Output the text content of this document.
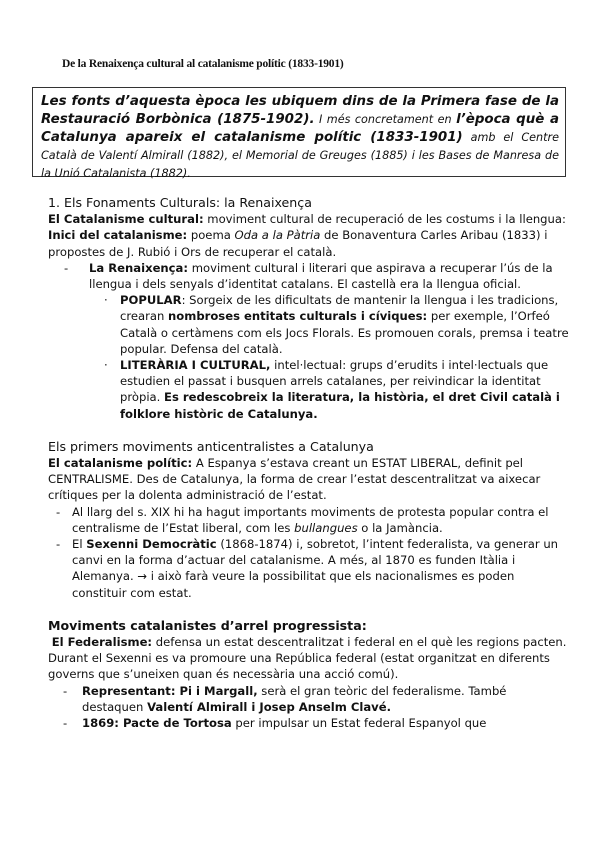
De la Renaixença cultural al catalanisme polític (1833-1901)
Les fonts d’aquesta època les ubiquem dins de la Primera fase de la Restauració Borbònica (1875-1902). I més concretament en l’època què a Catalunya apareix el catalanisme polític (1833-1901) amb el Centre Català de Valentí Almirall (1882), el Memorial de Greuges (1885) i les Bases de Manresa de la Unió Catalanista (1882).

1. Els Fonaments Culturals: la Renaixença

El Catalanisme cultural: moviment cultural de recuperació de les costums i la llengua:

Inici del catalanisme: poema Oda a la Pàtria de Bonaventura Carles Aribau (1833) i propostes de J. Rubió i Ors de recuperar el català.

- La Renaixença: moviment cultural i literari que aspirava a recuperar l’ús de la llengua i dels senyals d’identitat catalans. El castellà era la llengua oficial.
· POPULAR: Sorgeix de les dificultats de mantenir la llengua i les tradicions, crearan nombroses entitats culturals i cíviques: per exemple, l’Orfeó Català o certàmens com els Jocs Florals. Es promouen corals, premsa i teatre popular. Defensa del català.
· LITERÀRIA I CULTURAL, intel·lectual: grups d’erudits i intel·lectuals que estudien el passat i busquen arrels catalanes, per reivindicar la identitat pròpia. Es redescobreix la literatura, la història, el dret Civil català i folklore històric de Catalunya.

Els primers moviments anticentralistes a Catalunya

El catalanisme polític: A Espanya s’estava creant un ESTAT LIBERAL, definit pel CENTRALISME. Des de Catalunya, la forma de crear l’estat descentralitzat va aixecar crítiques per la dolenta administració de l’estat.

- Al llarg del s. XIX hi ha hagut importants moviments de protesta popular contra el centralisme de l’Estat liberal, com les bullangues o la Jamància.
- El Sexenni Democràtic (1868-1874) i, sobretot, l’intent federalista, va generar un canvi en la forma d’actuar del catalanisme. A més, al 1870 es funden Itàlia i Alemanya. → i això farà veure la possibilitat que els nacionalismes es poden constituir com estat.

Moviments catalanistes d’arrel progressista:

El Federalisme: defensa un estat descentralitzat i federal en el què les regions pacten. Durant el Sexenni es va promoure una República federal (estat organitzat en diferents governs que s’uneixen quan és necessària una acció comú).

- Representant: Pi i Margall, serà el gran teòric del federalisme. També destaquen Valentí Almirall i Josep Anselm Clavé.
- 1869: Pacte de Tortosa per impulsar un Estat federal Espanyol que
